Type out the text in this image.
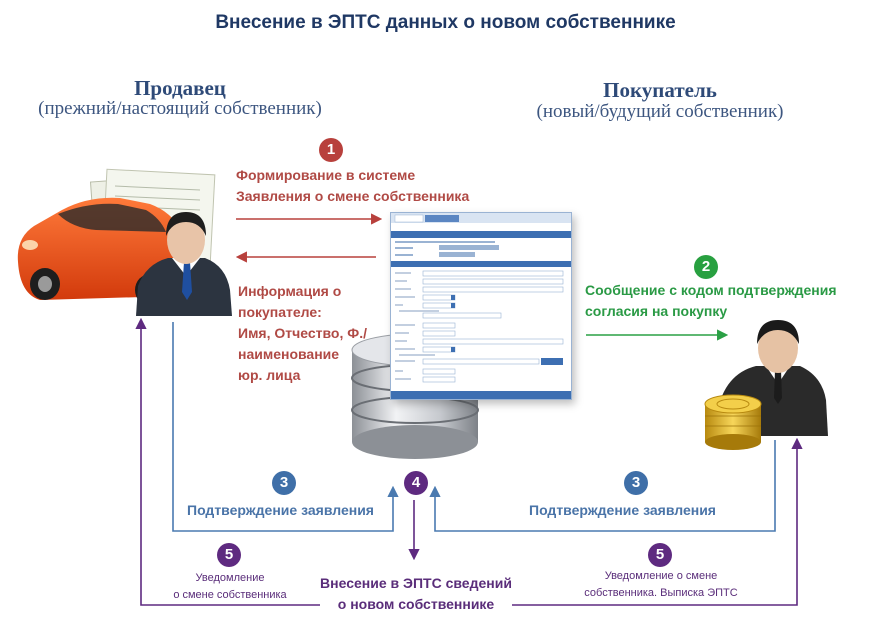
Внесение в ЭПТС данных о новом собственнике
Продавец
(прежний/настоящий собственник)
Покупатель
(новый/будущий собственник)
1
Формирование в системе
Заявления о смене собственника
Информация о
покупателе:
Имя, Отчество, Ф./
наименование
юр. лица
2
Сообщение с кодом подтверждения
согласия на покупку
3
Подтверждение заявления
3
Подтверждение заявления
4
Внесение в ЭПТС сведений
о новом собственнике
5
Уведомление
о смене собственника
5
Уведомление о смене
собственника. Выписка ЭПТС
